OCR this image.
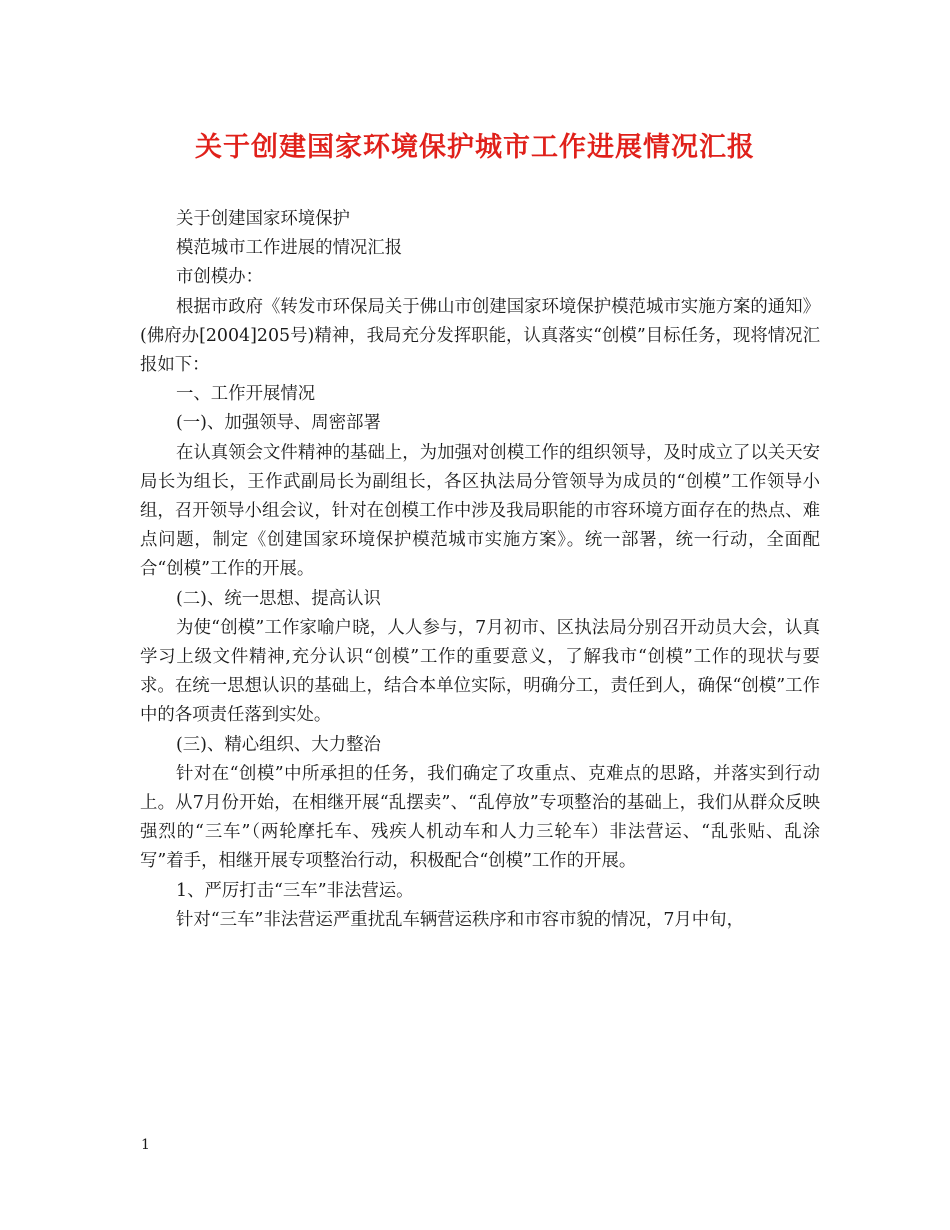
关于创建国家环境保护城市工作进展情况汇报

关于创建国家环境保护

模范城市工作进展的情况汇报

市创模办：

根据市政府《转发市环保局关于佛山市创建国家环境保护模范城市实施方案的通知》(佛府办[2004]205号)精神，我局充分发挥职能，认真落实“创模”目标任务，现将情况汇报如下：

一、工作开展情况

(一)、加强领导、周密部署

在认真领会文件精神的基础上，为加强对创模工作的组织领导，及时成立了以关天安局长为组长，王作武副局长为副组长，各区执法局分管领导为成员的“创模”工作领导小组，召开领导小组会议，针对在创模工作中涉及我局职能的市容环境方面存在的热点、难点问题，制定《创建国家环境保护模范城市实施方案》。统一部署，统一行动，全面配合“创模”工作的开展。

(二)、统一思想、提高认识

为使“创模”工作家喻户晓，人人参与，7月初市、区执法局分别召开动员大会，认真学习上级文件精神,充分认识“创模”工作的重要意义，了解我市“创模”工作的现状与要求。在统一思想认识的基础上，结合本单位实际，明确分工，责任到人，确保“创模”工作中的各项责任落到实处。

(三)、精心组织、大力整治

针对在“创模”中所承担的任务，我们确定了攻重点、克难点的思路，并落实到行动上。从7月份开始，在相继开展“乱摆卖”、“乱停放”专项整治的基础上，我们从群众反映强烈的“三车”（两轮摩托车、残疾人机动车和人力三轮车）非法营运、“乱张贴、乱涂写”着手，相继开展专项整治行动，积极配合“创模”工作的开展。

1、严厉打击“三车”非法营运。

针对“三车”非法营运严重扰乱车辆营运秩序和市容市貌的情况，7月中旬，

1
